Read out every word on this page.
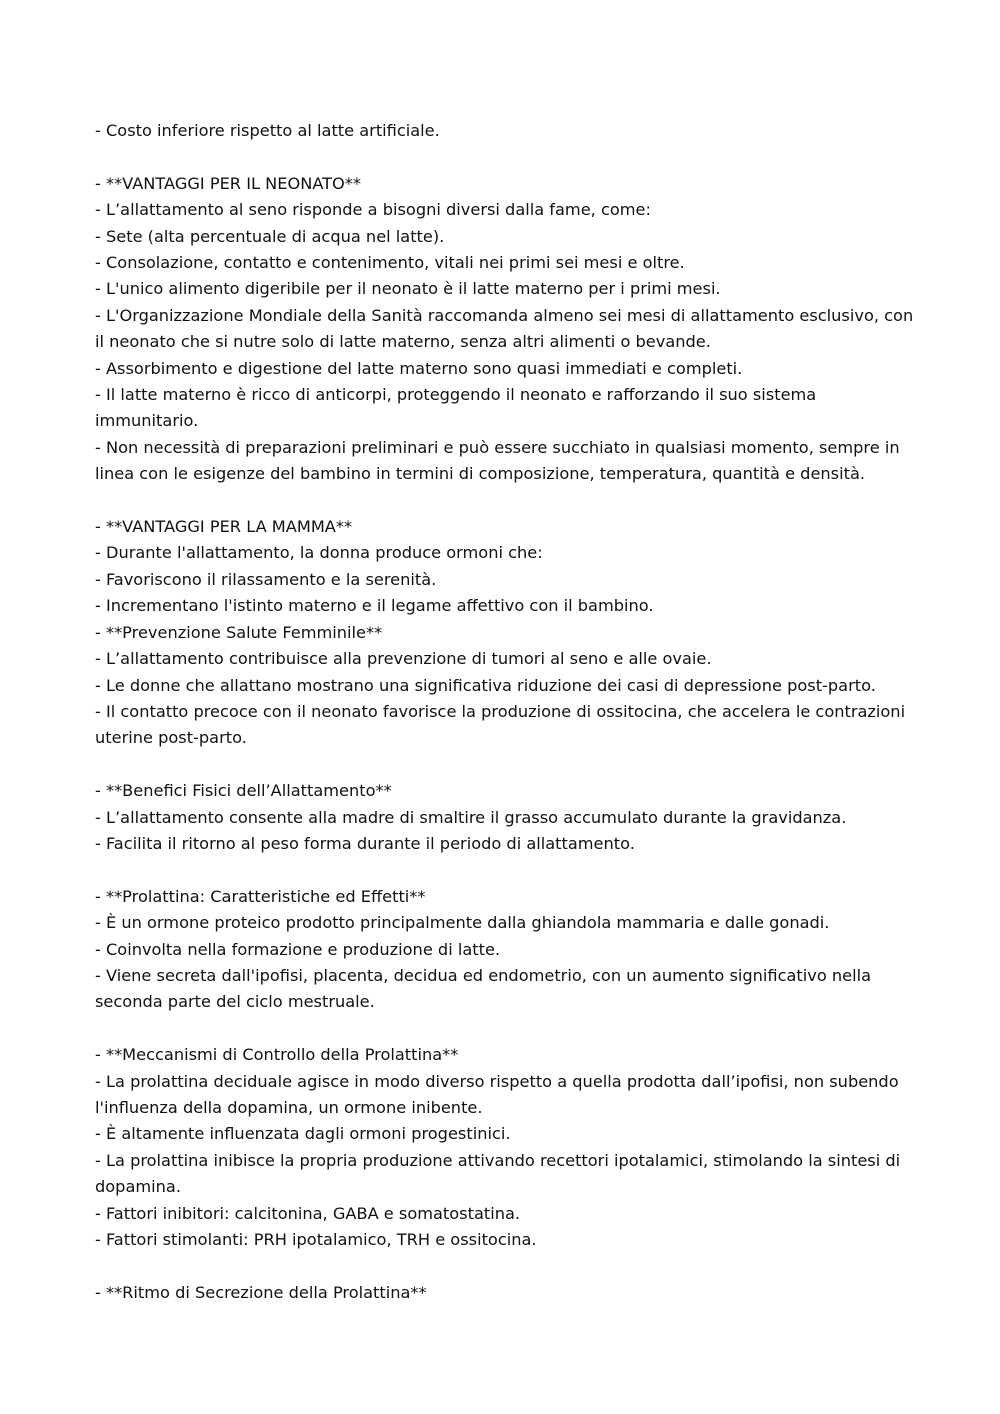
- Costo inferiore rispetto al latte artificiale.

- **VANTAGGI PER IL NEONATO**

- L’allattamento al seno risponde a bisogni diversi dalla fame, come:

- Sete (alta percentuale di acqua nel latte).

- Consolazione, contatto e contenimento, vitali nei primi sei mesi e oltre.

- L'unico alimento digeribile per il neonato è il latte materno per i primi mesi.

- L'Organizzazione Mondiale della Sanità raccomanda almeno sei mesi di allattamento esclusivo, con il neonato che si nutre solo di latte materno, senza altri alimenti o bevande.

- Assorbimento e digestione del latte materno sono quasi immediati e completi.

- Il latte materno è ricco di anticorpi, proteggendo il neonato e rafforzando il suo sistema immunitario.

- Non necessità di preparazioni preliminari e può essere succhiato in qualsiasi momento, sempre in linea con le esigenze del bambino in termini di composizione, temperatura, quantità e densità.

- **VANTAGGI PER LA MAMMA**

- Durante l'allattamento, la donna produce ormoni che:

- Favoriscono il rilassamento e la serenità.

- Incrementano l'istinto materno e il legame affettivo con il bambino.

- **Prevenzione Salute Femminile**

- L’allattamento contribuisce alla prevenzione di tumori al seno e alle ovaie.

- Le donne che allattano mostrano una significativa riduzione dei casi di depressione post-parto.

- Il contatto precoce con il neonato favorisce la produzione di ossitocina, che accelera le contrazioni uterine post-parto.

- **Benefici Fisici dell’Allattamento**

- L’allattamento consente alla madre di smaltire il grasso accumulato durante la gravidanza.

- Facilita il ritorno al peso forma durante il periodo di allattamento.

- **Prolattina: Caratteristiche ed Effetti**

- È un ormone proteico prodotto principalmente dalla ghiandola mammaria e dalle gonadi.

- Coinvolta nella formazione e produzione di latte.

- Viene secreta dall'ipofisi, placenta, decidua ed endometrio, con un aumento significativo nella seconda parte del ciclo mestruale.

- **Meccanismi di Controllo della Prolattina**

- La prolattina deciduale agisce in modo diverso rispetto a quella prodotta dall’ipofisi, non subendo l'influenza della dopamina, un ormone inibente.

- È altamente influenzata dagli ormoni progestinici.

- La prolattina inibisce la propria produzione attivando recettori ipotalamici, stimolando la sintesi di dopamina.

- Fattori inibitori: calcitonina, GABA e somatostatina.

- Fattori stimolanti: PRH ipotalamico, TRH e ossitocina.

- **Ritmo di Secrezione della Prolattina**
